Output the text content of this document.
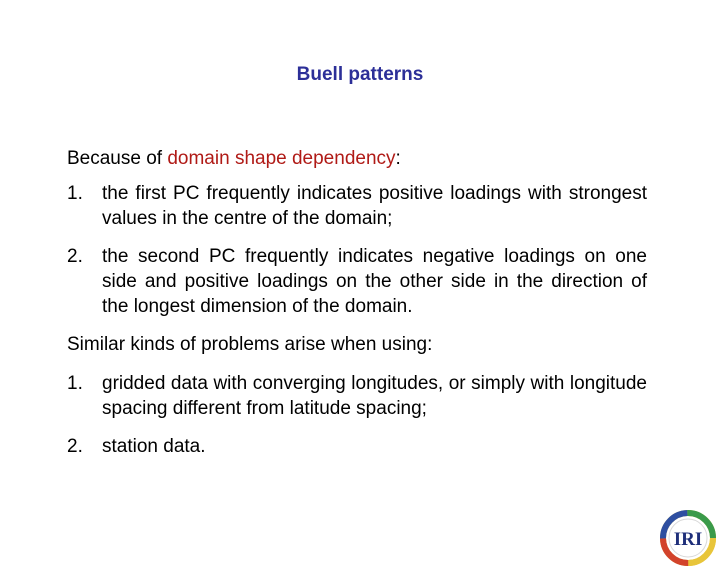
Buell patterns

Because of domain shape dependency:

1. the first PC frequently indicates positive loadings with strongest values in the centre of the domain;
2. the second PC frequently indicates negative loadings on one side and positive loadings on the other side in the direction of the longest dimension of the domain.

Similar kinds of problems arise when using:

1. gridded data with converging longitudes, or simply with longitude spacing different from latitude spacing;
2. station data.
IRI
